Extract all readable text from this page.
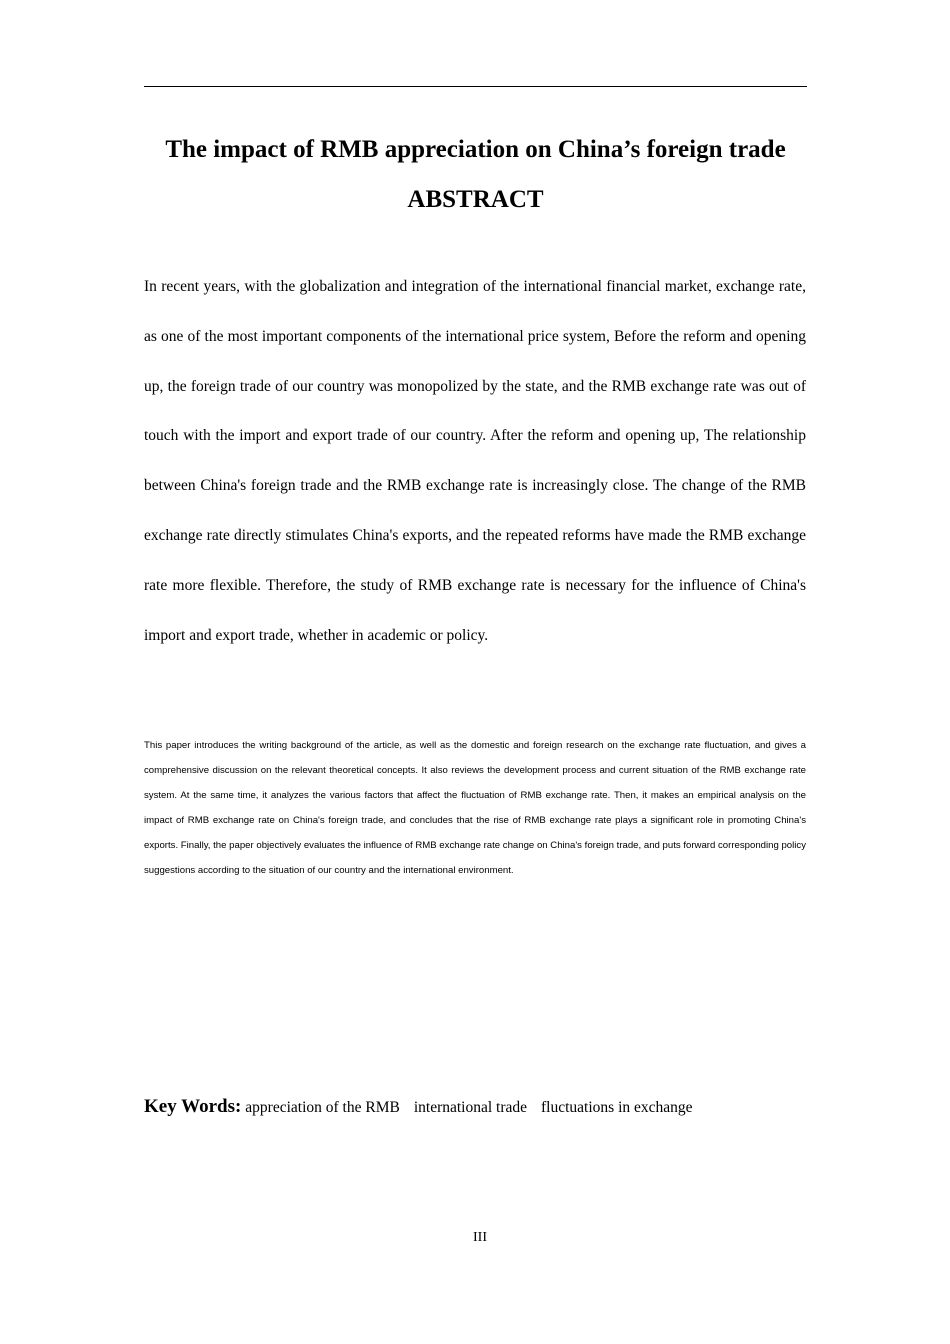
The impact of RMB appreciation on China’s foreign trade
ABSTRACT

In recent years, with the globalization and integration of the international financial market, exchange rate, as one of the most important components of the international price system, Before the reform and opening up, the foreign trade of our country was monopolized by the state, and the RMB exchange rate was out of touch with the import and export trade of our country. After the reform and opening up, The relationship between China's foreign trade and the RMB exchange rate is increasingly close. The change of the RMB exchange rate directly stimulates China's exports, and the repeated reforms have made the RMB exchange rate more flexible. Therefore, the study of RMB exchange rate is necessary for the influence of China's import and export trade, whether in academic or policy.

This paper introduces the writing background of the article, as well as the domestic and foreign research on the exchange rate fluctuation, and gives a comprehensive discussion on the relevant theoretical concepts. It also reviews the development process and current situation of the RMB exchange rate system. At the same time, it analyzes the various factors that affect the fluctuation of RMB exchange rate. Then, it makes an empirical analysis on the impact of RMB exchange rate on China's foreign trade, and concludes that the rise of RMB exchange rate plays a significant role in promoting China's exports. Finally, the paper objectively evaluates the influence of RMB exchange rate change on China's foreign trade, and puts forward corresponding policy suggestions according to the situation of our country and the international environment.

Key Words: appreciation of the RMB international trade fluctuations in exchange
III
